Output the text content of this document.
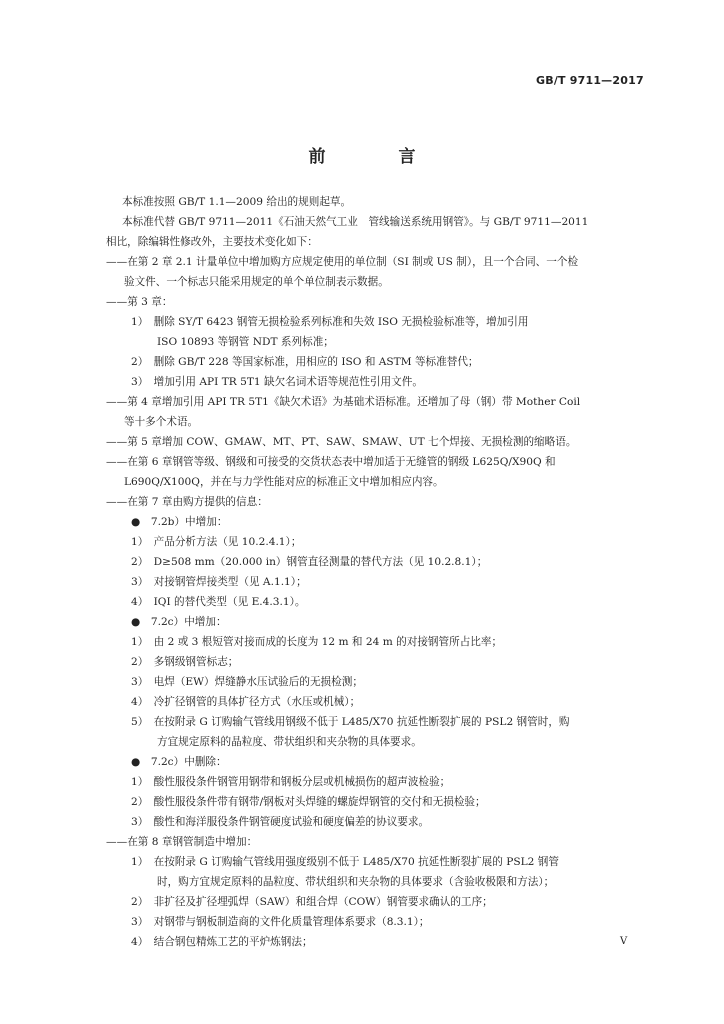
GB/T 9711—2017
前　言
本标准按照 GB/T 1.1—2009 给出的规则起草。
本标准代替 GB/T 9711—2011《石油天然气工业　管线输送系统用钢管》。与 GB/T 9711—2011
相比，除编辑性修改外，主要技术变化如下：
——在第 2 章 2.1 计量单位中增加购方应规定使用的单位制（SI 制或 US 制），且一个合同、一个检
验文件、一个标志只能采用规定的单个单位制表示数据。
——第 3 章：
1）　删除 SY/T 6423 钢管无损检验系列标准和失效 ISO 无损检验标准等，增加引用
ISO 10893 等钢管 NDT 系列标准；
2）　删除 GB/T 228 等国家标准，用相应的 ISO 和 ASTM 等标准替代；
3）　增加引用 API TR 5T1 缺欠名词术语等规范性引用文件。
——第 4 章增加引用 API TR 5T1《缺欠术语》为基础术语标准。还增加了母（钢）带 Mother Coil
等十多个术语。
——第 5 章增加 COW、GMAW、MT、PT、SAW、SMAW、UT 七个焊接、无损检测的缩略语。
——在第 6 章钢管等级、钢级和可接受的交货状态表中增加适于无缝管的钢级 L625Q/X90Q 和
L690Q/X100Q，并在与力学性能对应的标准正文中增加相应内容。
——在第 7 章由购方提供的信息：
●　7.2b）中增加：
1）　产品分析方法（见 10.2.4.1）；
2）　D≥508 mm（20.000 in）钢管直径测量的替代方法（见 10.2.8.1）；
3）　对接钢管焊接类型（见 A.1.1）；
4）　IQI 的替代类型（见 E.4.3.1）。
●　7.2c）中增加：
1）　由 2 或 3 根短管对接而成的长度为 12 m 和 24 m 的对接钢管所占比率；
2）　多钢级钢管标志；
3）　电焊（EW）焊缝静水压试验后的无损检测；
4）　冷扩径钢管的具体扩径方式（水压或机械）；
5）　在按附录 G 订购输气管线用钢级不低于 L485/X70 抗延性断裂扩展的 PSL2 钢管时，购
方宜规定原料的晶粒度、带状组织和夹杂物的具体要求。
●　7.2c）中删除：
1）　酸性服役条件钢管用钢带和钢板分层或机械损伤的超声波检验；
2）　酸性服役条件带有钢带/钢板对头焊缝的螺旋焊钢管的交付和无损检验；
3）　酸性和海洋服役条件钢管硬度试验和硬度偏差的协议要求。
——在第 8 章钢管制造中增加：
1）　在按附录 G 订购输气管线用强度级别不低于 L485/X70 抗延性断裂扩展的 PSL2 钢管
时，购方宜规定原料的晶粒度、带状组织和夹杂物的具体要求（含验收极限和方法）；
2）　非扩径及扩径埋弧焊（SAW）和组合焊（COW）钢管要求确认的工序；
3）　对钢带与钢板制造商的文件化质量管理体系要求（8.3.1）；
4）　结合钢包精炼工艺的平炉炼钢法；	V
